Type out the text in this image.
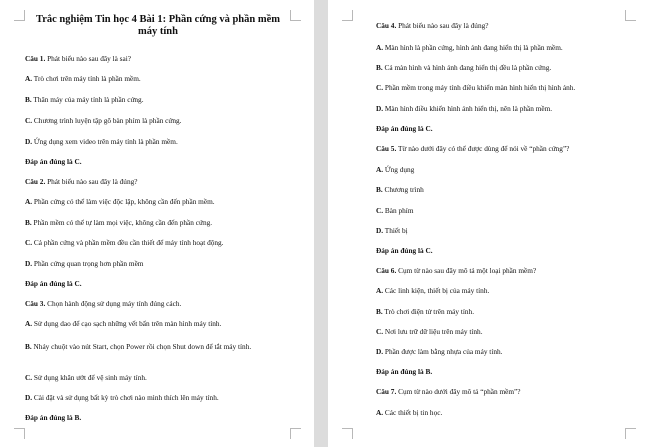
Trắc nghiệm Tin học 4 Bài 1: Phần cứng và phần mềm máy tính
Câu 1. Phát biểu nào sau đây là sai?
A. Trò chơi trên máy tính là phần mềm.
B. Thân máy của máy tính là phần cứng.
C. Chương trình luyện tập gõ bàn phím là phần cứng.
D. Ứng dụng xem video trên máy tính là phần mềm.
Đáp án đúng là C.
Câu 2. Phát biểu nào sau đây là đúng?
A. Phần cứng có thể làm việc độc lập, không cần đến phần mềm.
B. Phần mềm có thể tự làm mọi việc, không cần đến phần cứng.
C. Cả phần cứng và phần mềm đều cần thiết để máy tính hoạt động.
D. Phần cứng quan trọng hơn phần mềm
Đáp án đúng là C.
Câu 3. Chọn hành động sử dụng máy tính đúng cách.
A. Sử dụng dao để cạo sạch những vết bẩn trên màn hình máy tính.
B. Nháy chuột vào nút Start, chọn Power rồi chọn Shut down để tắt máy tính.
C. Sử dụng khăn ướt để vệ sinh máy tính.
D. Cài đặt và sử dụng bất kỳ trò chơi nào mình thích lên máy tính.
Đáp án đúng là B.
Câu 4. Phát biểu nào sau đây là đúng?
A. Màn hình là phần cứng, hình ảnh đang hiển thị là phần mềm.
B. Cả màn hình và hình ảnh đang hiển thị đều là phần cứng.
C. Phần mềm trong máy tính điều khiển màn hình hiển thị hình ảnh.
D. Màn hình điều khiển hình ảnh hiển thị, nên là phần mềm.
Đáp án đúng là C.
Câu 5. Từ nào dưới đây có thể được dùng để nói về “phần cứng”?
A. Ứng dụng
B. Chương trình
C. Bàn phím
D. Thiết bị
Đáp án đúng là C.
Câu 6. Cụm từ nào sau đây mô tả một loại phần mềm?
A. Các linh kiện, thiết bị của máy tính.
B. Trò chơi điện tử trên máy tính.
C. Nơi lưu trữ dữ liệu trên máy tính.
D. Phần được làm bằng nhựa của máy tính.
Đáp án đúng là B.
Câu 7. Cụm từ nào dưới đây mô tả “phần mềm”?
A. Các thiết bị tin học.
